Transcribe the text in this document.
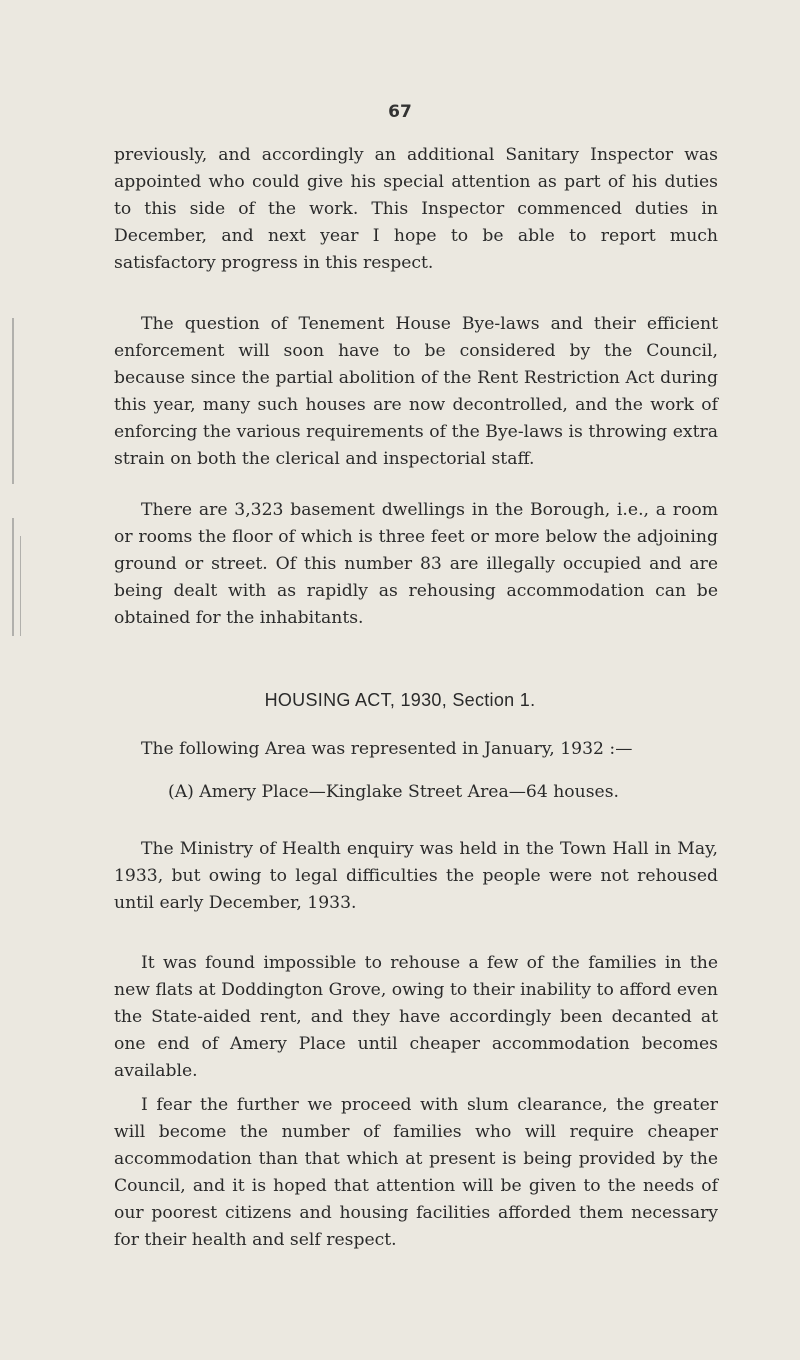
67

previously, and accordingly an additional Sanitary Inspector was appointed who could give his special attention as part of his duties to this side of the work. This Inspector commenced duties in December, and next year I hope to be able to report much satisfactory progress in this respect.

The question of Tenement House Bye-laws and their efficient enforcement will soon have to be considered by the Council, because since the partial abolition of the Rent Restriction Act during this year, many such houses are now decontrolled, and the work of enforcing the various requirements of the Bye-laws is throwing extra strain on both the clerical and inspectorial staff.

There are 3,323 basement dwellings in the Borough, i.e., a room or rooms the floor of which is three feet or more below the adjoining ground or street. Of this number 83 are illegally occupied and are being dealt with as rapidly as rehousing accommodation can be obtained for the inhabitants.

HOUSING ACT, 1930, Section 1.

The following Area was represented in January, 1932 :—

(A) Amery Place—Kinglake Street Area—64 houses.

The Ministry of Health enquiry was held in the Town Hall in May, 1933, but owing to legal difficulties the people were not rehoused until early December, 1933.

It was found impossible to rehouse a few of the families in the new flats at Doddington Grove, owing to their inability to afford even the State-aided rent, and they have accordingly been decanted at one end of Amery Place until cheaper accommodation becomes available.

I fear the further we proceed with slum clearance, the greater will become the number of families who will require cheaper accommodation than that which at present is being provided by the Council, and it is hoped that attention will be given to the needs of our poorest citizens and housing facilities afforded them necessary for their health and self respect.
